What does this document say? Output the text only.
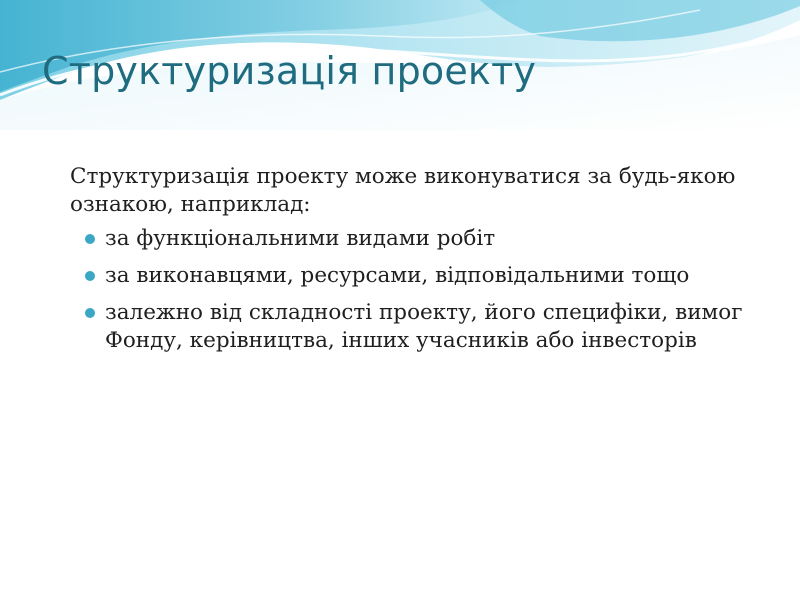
Структуризація проекту

Структуризація проекту може виконуватися за будь-якою ознакою, наприклад:

за функціональними видами робіт
за виконавцями, ресурсами, відповідальними тощо
залежно від складності проекту, його специфіки, вимог Фонду, керівництва, інших учасників або інвесторів
